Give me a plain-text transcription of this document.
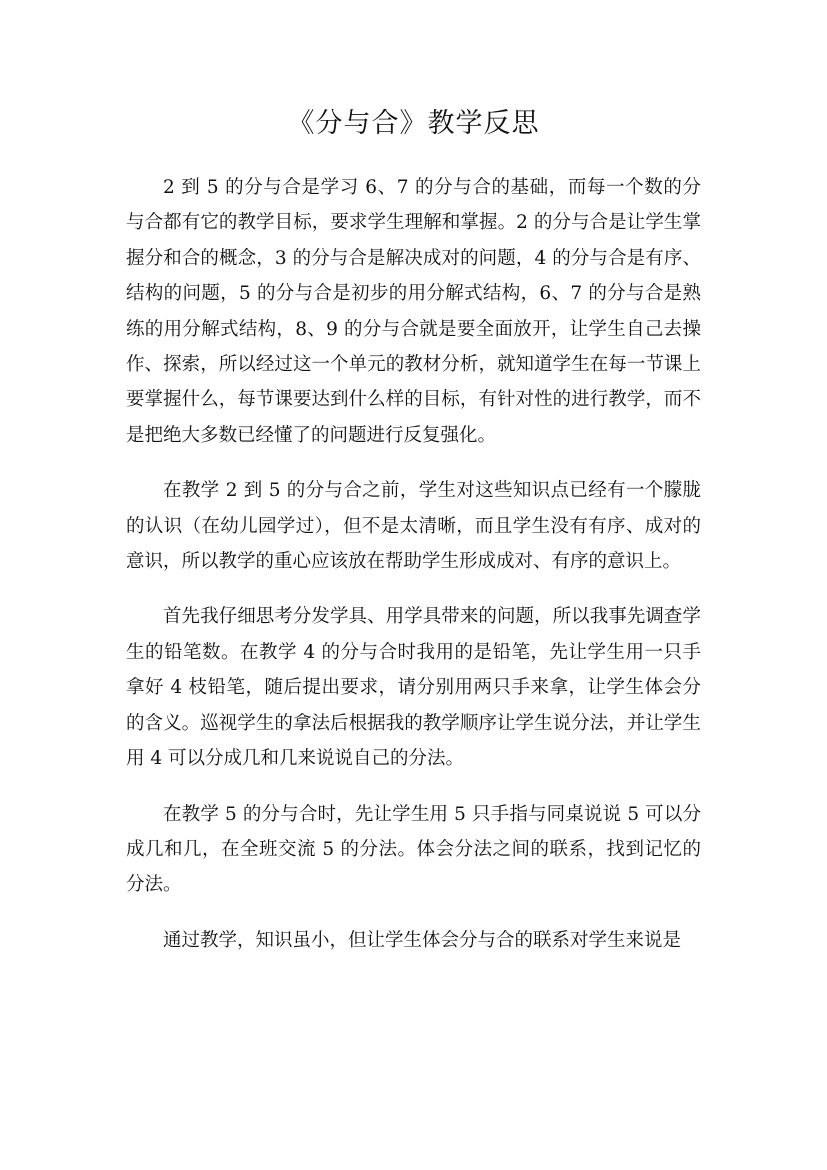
《分与合》教学反思

2 到 5 的分与合是学习 6、7 的分与合的基础，而每一个数的分与合都有它的教学目标，要求学生理解和掌握。2 的分与合是让学生掌握分和合的概念，3 的分与合是解决成对的问题，4 的分与合是有序、结构的问题，5 的分与合是初步的用分解式结构，6、7 的分与合是熟练的用分解式结构，8、9 的分与合就是要全面放开，让学生自己去操作、探索，所以经过这一个单元的教材分析，就知道学生在每一节课上要掌握什么，每节课要达到什么样的目标，有针对性的进行教学，而不是把绝大多数已经懂了的问题进行反复强化。

在教学 2 到 5 的分与合之前，学生对这些知识点已经有一个朦胧的认识（在幼儿园学过），但不是太清晰，而且学生没有有序、成对的意识，所以教学的重心应该放在帮助学生形成成对、有序的意识上。

首先我仔细思考分发学具、用学具带来的问题，所以我事先调查学生的铅笔数。在教学 4 的分与合时我用的是铅笔，先让学生用一只手拿好 4 枝铅笔，随后提出要求，请分别用两只手来拿，让学生体会分的含义。巡视学生的拿法后根据我的教学顺序让学生说分法，并让学生用 4 可以分成几和几来说说自己的分法。

在教学 5 的分与合时，先让学生用 5 只手指与同桌说说 5 可以分成几和几，在全班交流 5 的分法。体会分法之间的联系，找到记忆的分法。

通过教学，知识虽小，但让学生体会分与合的联系对学生来说是
